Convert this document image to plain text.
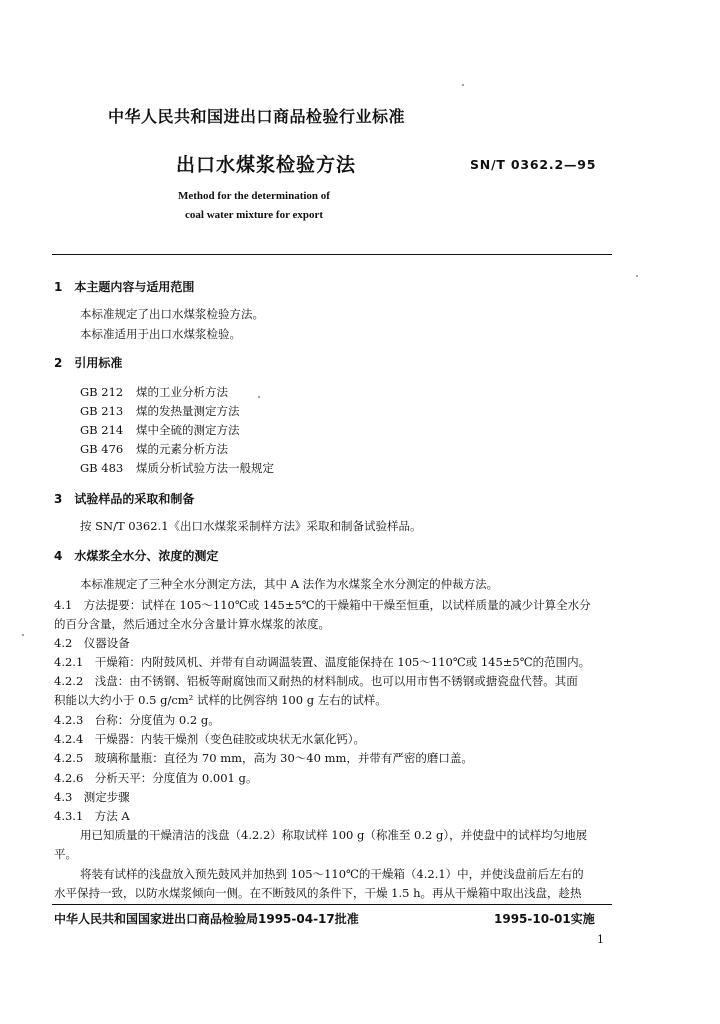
中华人民共和国进出口商品检验行业标准
出口水煤浆检验方法	SN/T 0362.2—95
Method for the determination of
coal water mixture for export
1　本主题内容与适用范围
本标准规定了出口水煤浆检验方法。
本标准适用于出口水煤浆检验。
2　引用标准
GB 212 煤的工业分析方法
GB 213 煤的发热量测定方法
GB 214 煤中全硫的测定方法
GB 476 煤的元素分析方法
GB 483 煤质分析试验方法一般规定
3　试验样品的采取和制备
按 SN/T 0362.1《出口水煤浆采制样方法》采取和制备试验样品。
4　水煤浆全水分、浓度的测定
本标准规定了三种全水分测定方法，其中 A 法作为水煤浆全水分测定的仲裁方法。
4.1　方法提要：试样在 105～110℃或 145±5℃的干燥箱中干燥至恒重，以试样质量的减少计算全水分
的百分含量，然后通过全水分含量计算水煤浆的浓度。
4.2　仪器设备
4.2.1　干燥箱：内附鼓风机、并带有自动调温装置、温度能保持在 105～110℃或 145±5℃的范围内。
4.2.2　浅盘：由不锈钢、铝板等耐腐蚀而又耐热的材料制成。也可以用市售不锈钢或搪瓷盘代替。其面
积能以大约小于 0.5 g/cm² 试样的比例容纳 100 g 左右的试样。
4.2.3　台称：分度值为 0.2 g。
4.2.4　干燥器：内装干燥剂（变色硅胶或块状无水氯化钙）。
4.2.5　玻璃称量瓶：直径为 70 mm，高为 30～40 mm，并带有严密的磨口盖。
4.2.6　分析天平：分度值为 0.001 g。
4.3　测定步骤
4.3.1　方法 A
用已知质量的干燥清洁的浅盘（4.2.2）称取试样 100 g（称准至 0.2 g），并使盘中的试样均匀地展
平。
将装有试样的浅盘放入预先鼓风并加热到 105～110℃的干燥箱（4.2.1）中，并使浅盘前后左右的
水平保持一致，以防水煤浆倾向一侧。在不断鼓风的条件下，干燥 1.5 h。再从干燥箱中取出浅盘，趁热
中华人民共和国国家进出口商品检验局1995-04-17批准	1995-10-01实施
1
